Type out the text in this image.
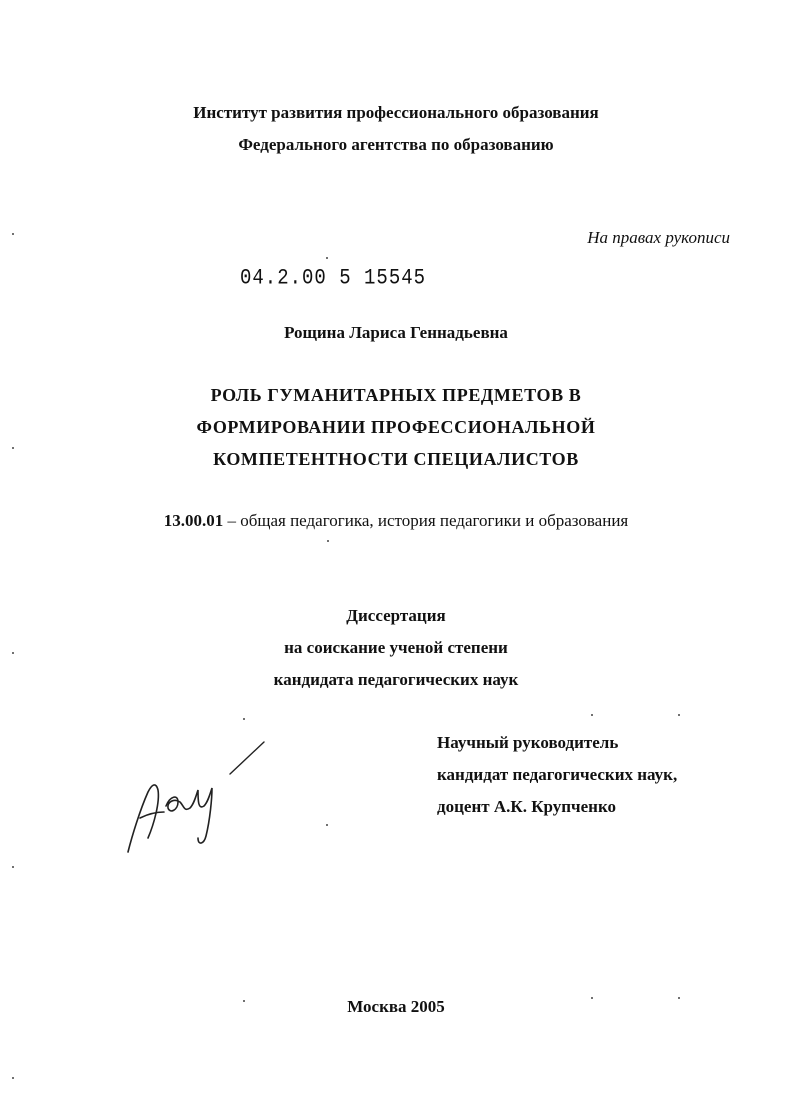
Институт развития профессионального образования
Федерального агентства по образованию
На правах рукописи
04.2.00 5 15545
Рощина Лариса Геннадьевна
РОЛЬ ГУМАНИТАРНЫХ ПРЕДМЕТОВ В
ФОРМИРОВАНИИ ПРОФЕССИОНАЛЬНОЙ
КОМПЕТЕНТНОСТИ СПЕЦИАЛИСТОВ
13.00.01 – общая педагогика, история педагогики и образования
Диссертация
на соискание ученой степени
кандидата педагогических наук
Научный руководитель
кандидат педагогических наук,
доцент А.К. Крупченко
Москва 2005
